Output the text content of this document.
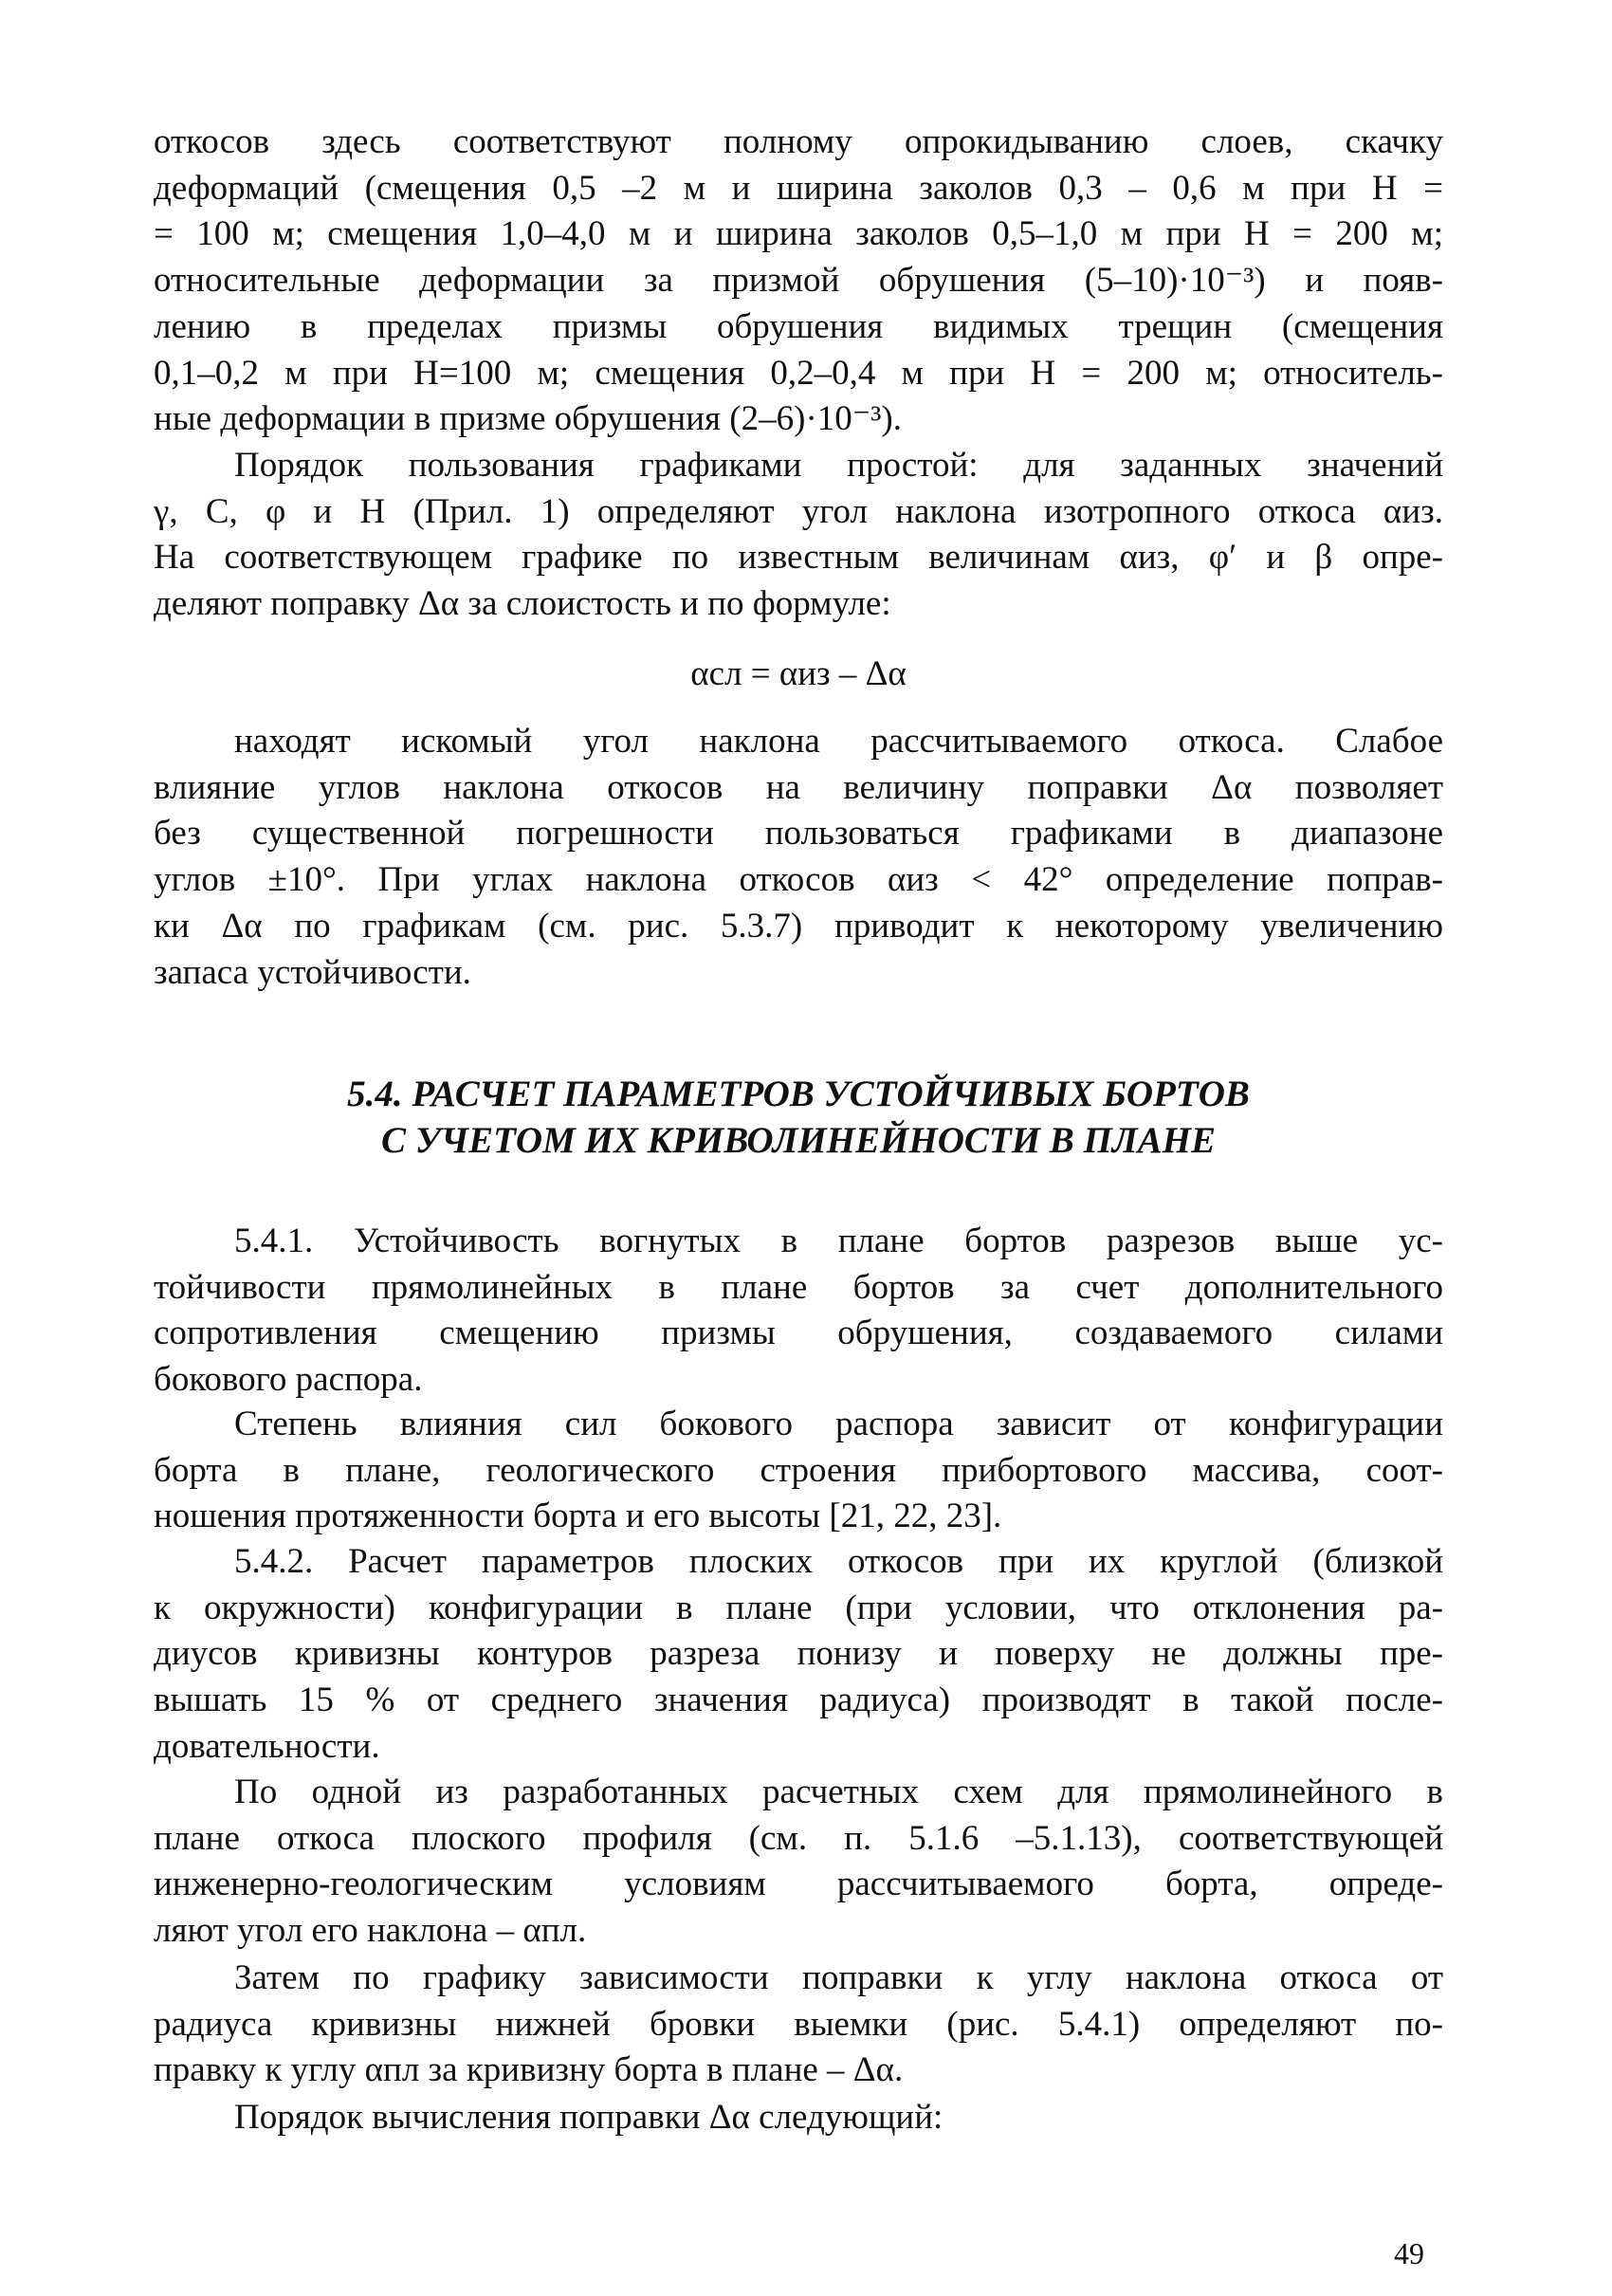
откосов здесь соответствуют полному опрокидыванию слоев, скачку
деформаций (смещения 0,5 –2 м и ширина заколов 0,3 – 0,6 м при H =
= 100 м; смещения 1,0–4,0 м и ширина заколов 0,5–1,0 м при H = 200 м;
относительные деформации за призмой обрушения (5–10)·10⁻³) и появ-
лению в пределах призмы обрушения видимых трещин (смещения
0,1–0,2 м при H=100 м; смещения 0,2–0,4 м при H = 200 м; относитель-
ные деформации в призме обрушения (2–6)·10⁻³).
Порядок пользования графиками простой: для заданных значений
γ, C, φ и H (Прил. 1) определяют угол наклона изотропного откоса αиз.
На соответствующем графике по известным величинам αиз, φ′ и β опре-
деляют поправку Δα за слоистость и по формуле:
αсл = αиз – Δα
находят искомый угол наклона рассчитываемого откоса. Слабое
влияние углов наклона откосов на величину поправки Δα позволяет
без существенной погрешности пользоваться графиками в диапазоне
углов ±10°. При углах наклона откосов αиз < 42° определение поправ-
ки Δα по графикам (см. рис. 5.3.7) приводит к некоторому увеличению
запаса устойчивости.
5.4. РАСЧЕТ ПАРАМЕТРОВ УСТОЙЧИВЫХ БОРТОВ
С УЧЕТОМ ИХ КРИВОЛИНЕЙНОСТИ В ПЛАНЕ
5.4.1. Устойчивость вогнутых в плане бортов разрезов выше ус-
тойчивости прямолинейных в плане бортов за счет дополнительного
сопротивления смещению призмы обрушения, создаваемого силами
бокового распора.
Степень влияния сил бокового распора зависит от конфигурации
борта в плане, геологического строения прибортового массива, соот-
ношения протяженности борта и его высоты [21, 22, 23].
5.4.2. Расчет параметров плоских откосов при их круглой (близкой
к окружности) конфигурации в плане (при условии, что отклонения ра-
диусов кривизны контуров разреза понизу и поверху не должны пре-
вышать 15 % от среднего значения радиуса) производят в такой после-
довательности.
По одной из разработанных расчетных схем для прямолинейного в
плане откоса плоского профиля (см. п. 5.1.6 –5.1.13), соответствующей
инженерно-геологическим условиям рассчитываемого борта, опреде-
ляют угол его наклона – αпл.
Затем по графику зависимости поправки к углу наклона откоса от
радиуса кривизны нижней бровки выемки (рис. 5.4.1) определяют по-
правку к углу αпл за кривизну борта в плане – Δα.
Порядок вычисления поправки Δα следующий:
49
